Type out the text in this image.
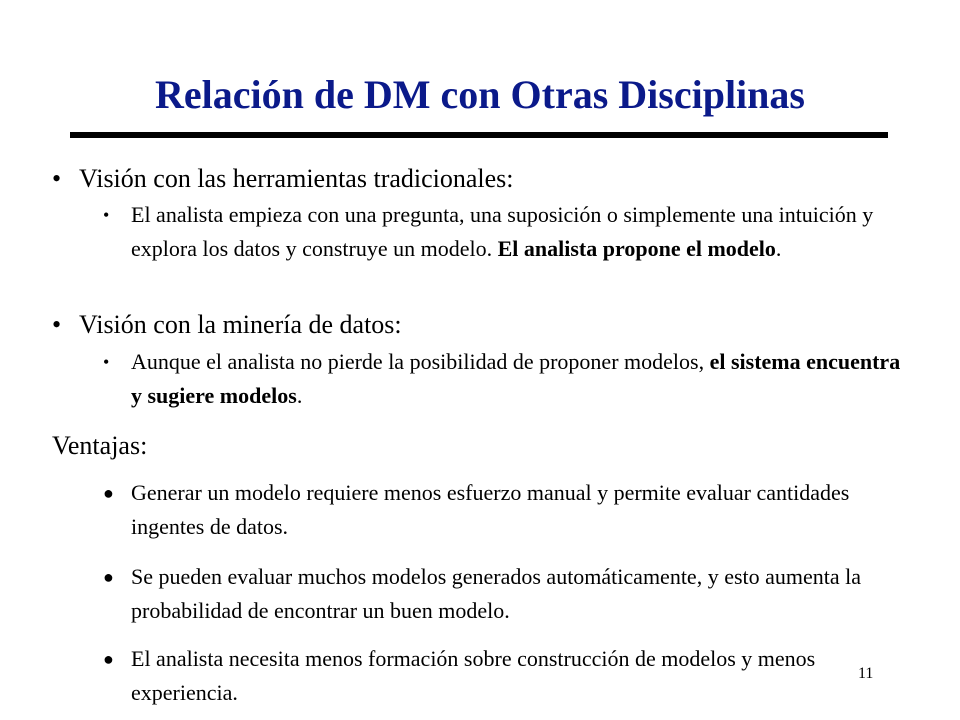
Relación de DM con Otras Disciplinas
• Visión con las herramientas tradicionales:
• El analista empieza con una pregunta, una suposición o simplemente una intuición y explora los datos y construye un modelo. El analista propone el modelo.
• Visión con la minería de datos:
• Aunque el analista no pierde la posibilidad de proponer modelos, el sistema encuentra y sugiere modelos.
Ventajas:
● Generar un modelo requiere menos esfuerzo manual y permite evaluar cantidades ingentes de datos.
● Se pueden evaluar muchos modelos generados automáticamente, y esto aumenta la probabilidad de encontrar un buen modelo.
● El analista necesita menos formación sobre construcción de modelos y menos experiencia.
11
